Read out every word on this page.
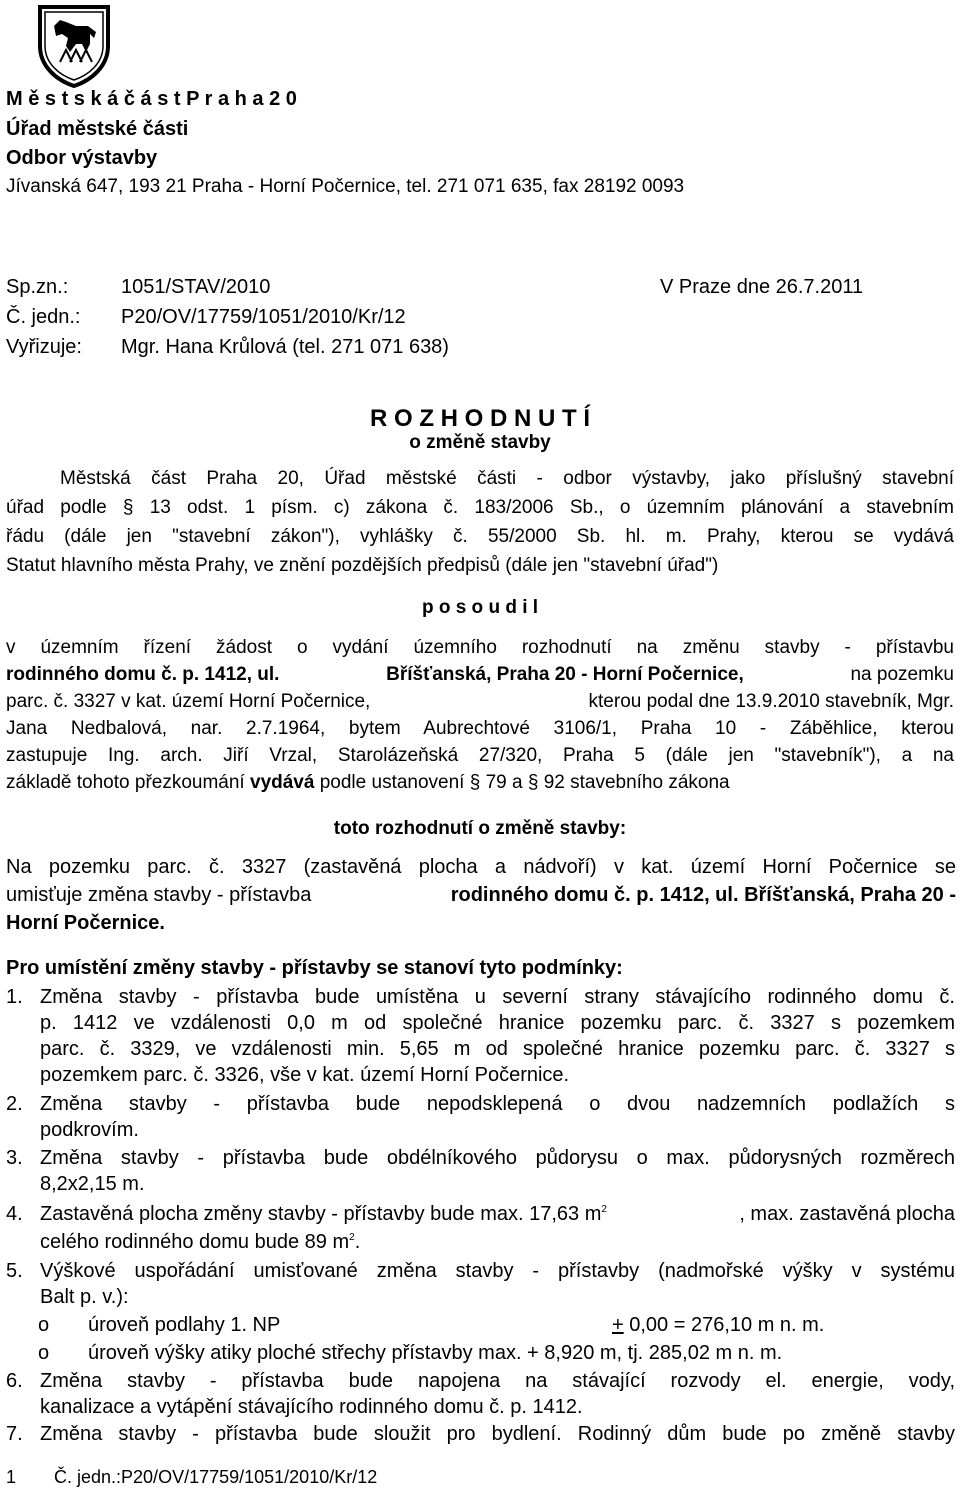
M ě s t s k á č á s t P r a h a 2 0
Úřad městské části
Odbor výstavby
Jívanská 647, 193 21 Praha - Horní Počernice, tel. 271 071 635, fax 28192 0093
Sp.zn.:	1051/STAV/2010	V Praze dne 26.7.2011
Č. jedn.: P20/OV/17759/1051/2010/Kr/12
Vyřizuje: Mgr. Hana Krůlová (tel. 271 071 638)
R O Z H O D N U T Í
o změně stavby
Městská část Praha 20, Úřad městské části - odbor výstavby, jako příslušný stavební
úřad podle § 13 odst. 1 písm. c) zákona č. 183/2006 Sb., o územním plánování a stavebním
řádu (dále jen "stavební zákon"), vyhlášky č. 55/2000 Sb. hl. m. Prahy, kterou se vydává
Statut hlavního města Prahy, ve znění pozdějších předpisů (dále jen "stavební úřad")
p o s o u d i l
v územním řízení žádost o vydání územního rozhodnutí na změnu stavby - přístavbu
rodinného domu č. p. 1412, ul.	Bříšťanská, Praha 20 - Horní Počernice,	na pozemku
parc. č. 3327 v kat. území Horní Počernice,	kterou podal dne 13.9.2010 stavebník, Mgr.
Jana Nedbalová, nar. 2.7.1964, bytem Aubrechtové 3106/1, Praha 10 - Záběhlice, kterou
zastupuje Ing. arch. Jiří Vrzal, Starolázeňská 27/320, Praha 5 (dále jen "stavebník"), a na
základě tohoto přezkoumání vydává podle ustanovení § 79 a § 92 stavebního zákona
toto rozhodnutí o změně stavby:
Na pozemku parc. č. 3327 (zastavěná plocha a nádvoří) v kat. území Horní Počernice se
umisťuje změna stavby - přístavba	rodinného domu č. p. 1412, ul. Bříšťanská, Praha 20 -
Horní Počernice.
Pro umístění změny stavby - přístavby se stanoví tyto podmínky:
1. Změna stavby - přístavba bude umístěna u severní strany stávajícího rodinného domu č.
p. 1412 ve vzdálenosti 0,0 m od společné hranice pozemku parc. č. 3327 s pozemkem
parc. č. 3329, ve vzdálenosti min. 5,65 m od společné hranice pozemku parc. č. 3327 s
pozemkem parc. č. 3326, vše v kat. území Horní Počernice.
2. Změna stavby - přístavba bude nepodsklepená o dvou nadzemních podlažích s
podkrovím.
3. Změna stavby - přístavba bude obdélníkového půdorysu o max. půdorysných rozměrech
8,2x2,15 m.
4. Zastavěná plocha změny stavby - přístavby bude max. 17,63 $m^2$	, max. zastavěná plocha
celého rodinného domu bude 89 $m^2$.
5. Výškové uspořádání umisťované změna stavby - přístavby (nadmořské výšky v systému
Balt p. v.):
o úroveň podlahy 1. NP	+ 0,00 = 276,10 m n. m.
o úroveň výšky atiky ploché střechy přístavby max. + 8,920 m, tj. 285,02 m n. m.
6. Změna stavby - přístavba bude napojena na stávající rozvody el. energie, vody,
kanalizace a vytápění stávajícího rodinného domu č. p. 1412.
7. Změna stavby - přístavba bude sloužit pro bydlení. Rodinný dům bude po změně stavby
1 Č. jedn.:P20/OV/17759/1051/2010/Kr/12
